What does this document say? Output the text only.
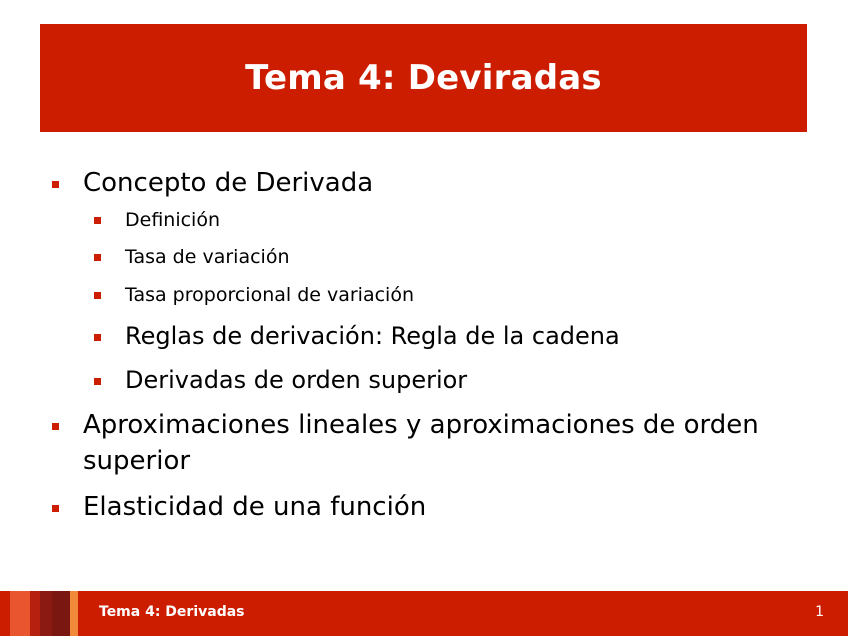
Tema 4: Deviradas
Concepto de Derivada
Definición
Tasa de variación
Tasa proporcional de variación
Reglas de derivación: Regla de la cadena
Derivadas de orden superior
Aproximaciones lineales y aproximaciones de orden
superior
Elasticidad de una función
Tema 4: Derivadas	1
